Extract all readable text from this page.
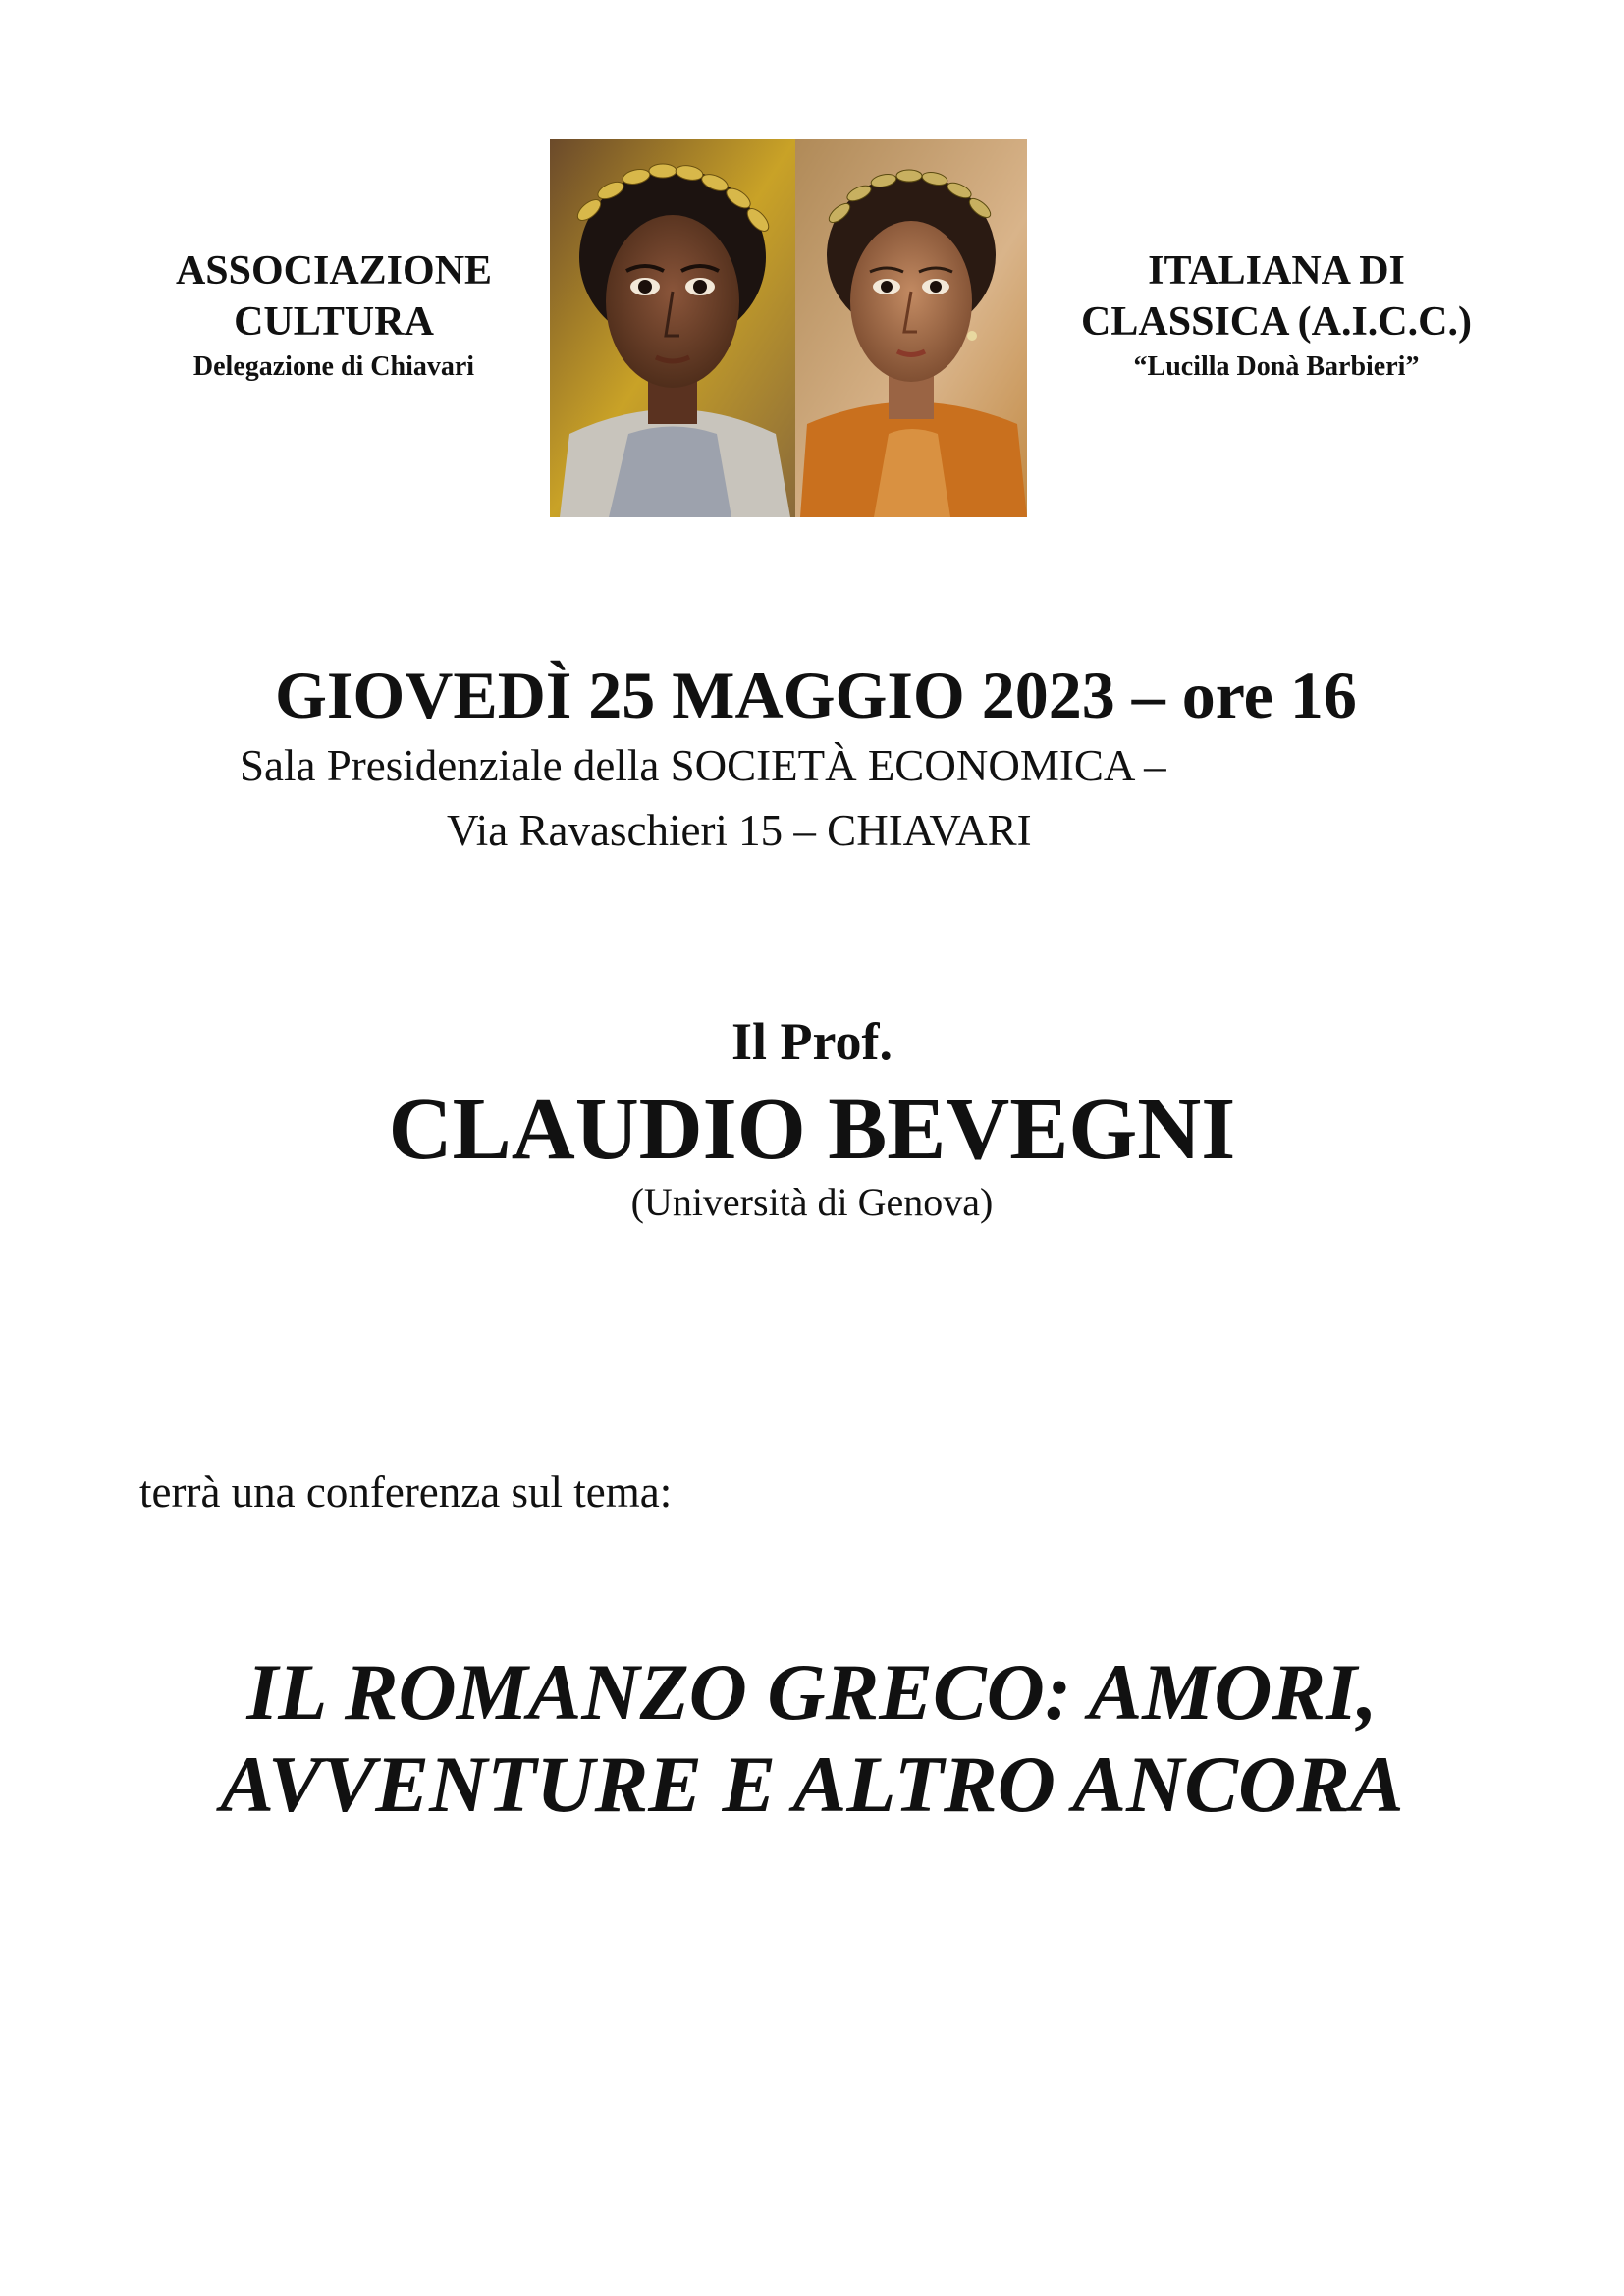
ASSOCIAZIONE
CULTURA
Delegazione di Chiavari
ITALIANA DI
CLASSICA (A.I.C.C.)
“Lucilla Donà Barbieri”
GIOVEDÌ 25 MAGGIO 2023 – ore 16
Sala Presidenziale della SOCIETÀ ECONOMICA –
Via Ravaschieri 15 – CHIAVARI
Il Prof.
CLAUDIO BEVEGNI
(Università di Genova)
terrà una conferenza sul tema:
IL ROMANZO GRECO: AMORI,
AVVENTURE E ALTRO ANCORA
